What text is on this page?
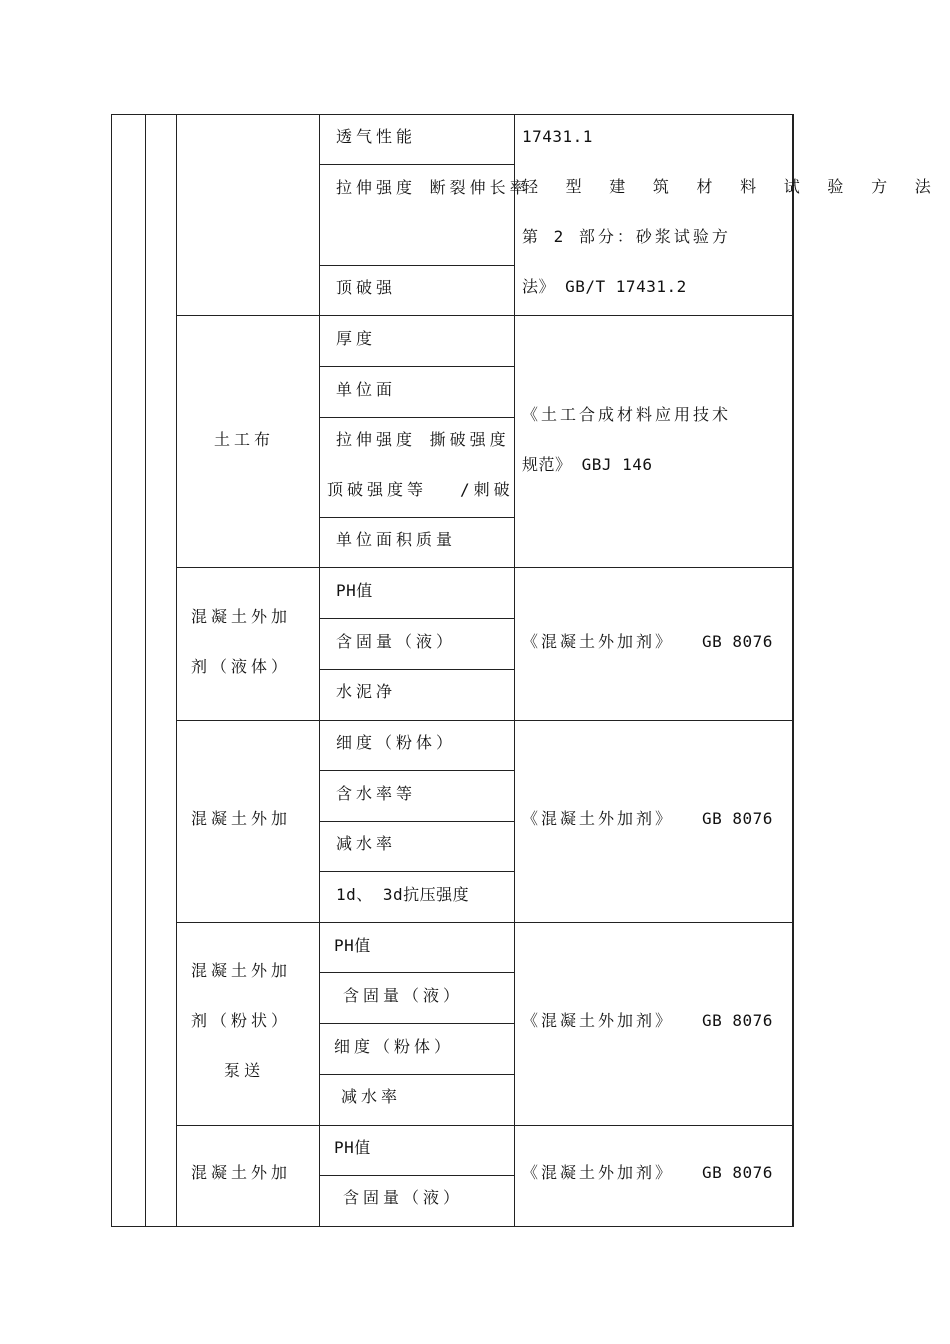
透气性能
拉伸强度 断裂伸长率
顶破强
17431.1
轻 型 建 筑 材 料 试 验 方 法
第 2 部分：砂浆试验方
法》 GB/T 17431.2
土工布
厚度
单位面
拉伸强度 撕破强度
顶破强度等 /刺破
单位面积质量
《土工合成材料应用技术
规范》 GBJ 146
混凝土外加
剂（液体）
PH值
含固量（液）
水泥净
《混凝土外加剂》 GB 8076
混凝土外加
细度（粉体）
含水率等
减水率
1d、 3d抗压强度
《混凝土外加剂》 GB 8076
混凝土外加
剂（粉状）
泵送
PH值
含固量（液）
细度（粉体）
减水率
《混凝土外加剂》 GB 8076
混凝土外加
PH值
含固量（液）
《混凝土外加剂》 GB 8076
